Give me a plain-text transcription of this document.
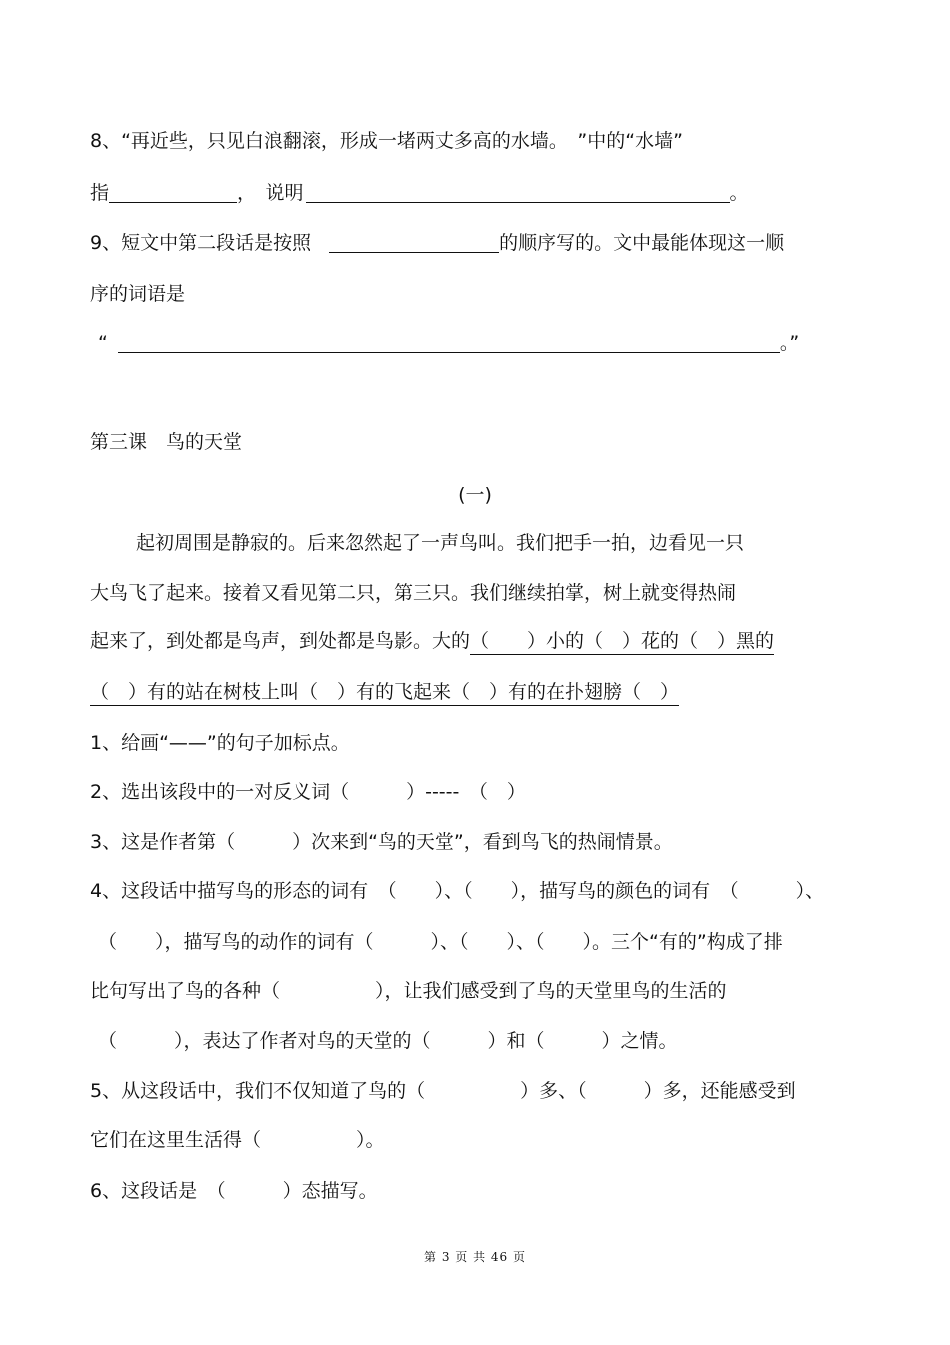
8、“再近些，只见白浪翻滚，形成一堵两丈多高的水墙。　”中的“水墙”
指	，　说明	。
9、短文中第二段话是按照	的顺序写的。文中最能体现这一顺
序的词语是
“	。”
第三课　鸟的天堂
(一)
起初周围是静寂的。后来忽然起了一声鸟叫。我们把手一拍，边看见一只
大鸟飞了起来。接着又看见第二只，第三只。我们继续拍掌，树上就变得热闹
起来了，到处都是鸟声，到处都是鸟影。大的（　　）小的（　）花的（　）黑的
（　）有的站在树枝上叫（　）有的飞起来（　）有的在扑翅膀（　）
1、给画“——”的句子加标点。
2、选出该段中的一对反义词（　　　）-----　（　）
3、这是作者第（　　　）次来到“鸟的天堂”，看到鸟飞的热闹情景。
4、这段话中描写鸟的形态的词有　（　　）、（　　），描写鸟的颜色的词有　（　　　）、
（　　），描写鸟的动作的词有（　　　）、（　　）、（　　）。三个“有的”构成了排
比句写出了鸟的各种（　　　　　），让我们感受到了鸟的天堂里鸟的生活的
（　　　），表达了作者对鸟的天堂的（　　　）和（　　　）之情。
5、从这段话中，我们不仅知道了鸟的（　　　　　）多、（　　　）多，还能感受到
它们在这里生活得（　　　　　）。
6、这段话是　（　　　）态描写。
第 3 页 共 46 页
